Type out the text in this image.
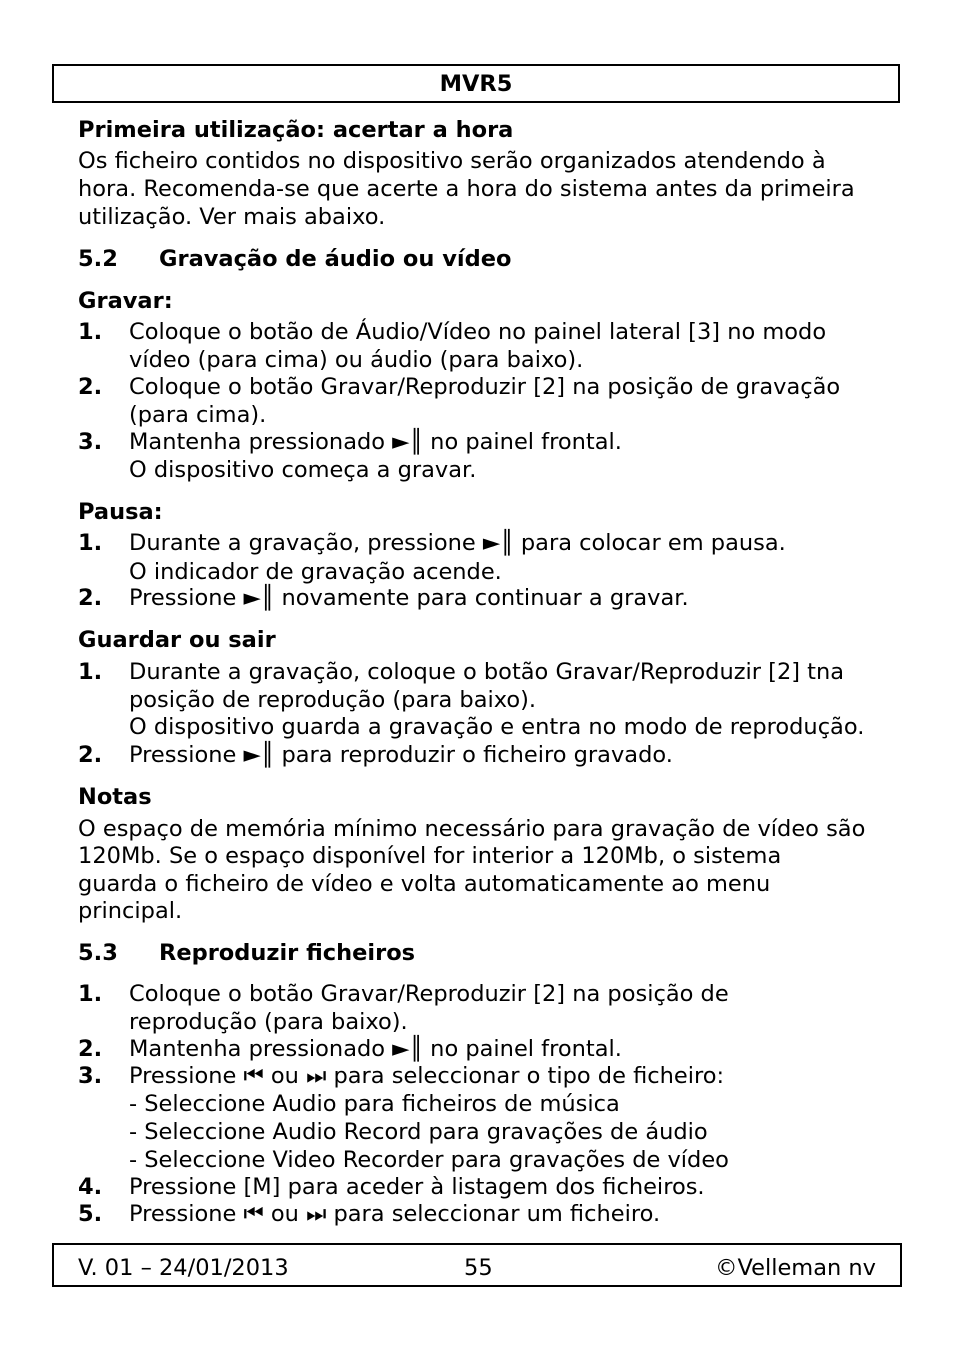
MVR5
Primeira utilização: acertar a hora
Os ficheiro contidos no dispositivo serão organizados atendendo à
hora. Recomenda-se que acerte a hora do sistema antes da primeira
utilização. Ver mais abaixo.
5.2 Gravação de áudio ou vídeo
Gravar:
1. Coloque o botão de Áudio/Vídeo no painel lateral [3] no modo
vídeo (para cima) ou áudio (para baixo).
2. Coloque o botão Gravar/Reproduzir [2] na posição de gravação
(para cima).
3. Mantenha pressionado ►║ no painel frontal.
O dispositivo começa a gravar.
Pausa:
1. Durante a gravação, pressione ►║ para colocar em pausa.
O indicador de gravação acende.
2. Pressione ►║ novamente para continuar a gravar.
Guardar ou sair
1. Durante a gravação, coloque o botão Gravar/Reproduzir [2] tna
posição de reprodução (para baixo).
O dispositivo guarda a gravação e entra no modo de reprodução.
2. Pressione ►║ para reproduzir o ficheiro gravado.
Notas
O espaço de memória mínimo necessário para gravação de vídeo são
120Mb. Se o espaço disponível for interior a 120Mb, o sistema
guarda o ficheiro de vídeo e volta automaticamente ao menu
principal.
5.3 Reproduzir ficheiros
1. Coloque o botão Gravar/Reproduzir [2] na posição de
reprodução (para baixo).
2. Mantenha pressionado ►║ no painel frontal.
3. Pressione ⏮ ou ⏭ para seleccionar o tipo de ficheiro:
- Seleccione Audio para ficheiros de música
- Seleccione Audio Record para gravações de áudio
- Seleccione Video Recorder para gravações de vídeo
4. Pressione [M] para aceder à listagem dos ficheiros.
5. Pressione ⏮ ou ⏭ para seleccionar um ficheiro.
V. 01 – 24/01/2013	55	©Velleman nv
